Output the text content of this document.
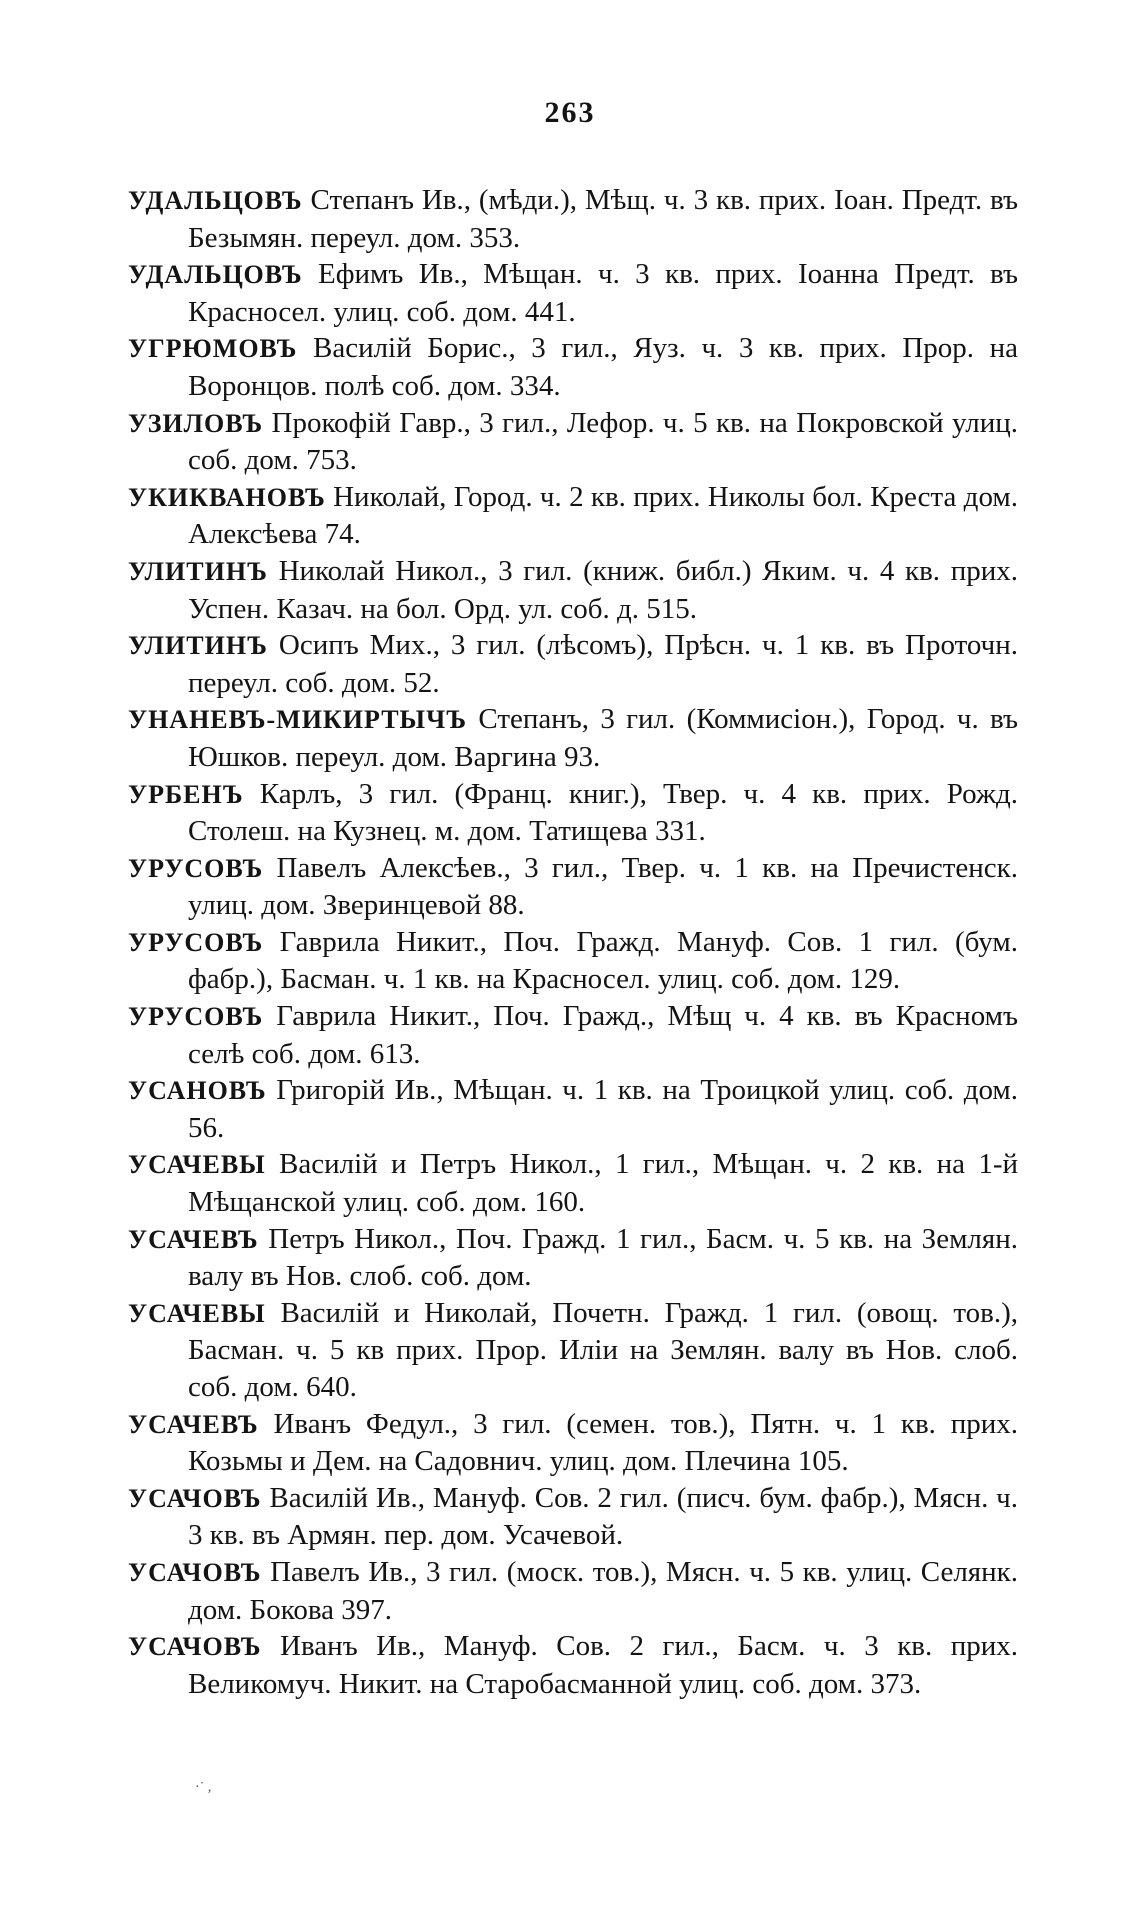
263

УДАЛЬЦОВЪ Степанъ Ив., (мѣди.), Мѣщ. ч. 3 кв. прих. Іоан. Предт. въ Безымян. переул. дом. 353.

УДАЛЬЦОВЪ Ефимъ Ив., Мѣщан. ч. 3 кв. прих. Іоанна Предт. въ Красносел. улиц. соб. дом. 441.

УГРЮМОВЪ Василій Борис., 3 гил., Яуз. ч. 3 кв. прих. Прор. на Воронцов. полѣ соб. дом. 334.

УЗИЛОВЪ Прокофій Гавр., 3 гил., Лефор. ч. 5 кв. на Покровской улиц. соб. дом. 753.

УКИКВАНОВЪ Николай, Город. ч. 2 кв. прих. Николы бол. Креста дом. Алексѣева 74.

УЛИТИНЪ Николай Никол., 3 гил. (книж. библ.) Яким. ч. 4 кв. прих. Успен. Казач. на бол. Орд. ул. соб. д. 515.

УЛИТИНЪ Осипъ Мих., 3 гил. (лѣсомъ), Прѣсн. ч. 1 кв. въ Проточн. переул. соб. дом. 52.

УНАНЕВЪ-МИКИРТЫЧЪ Степанъ, 3 гил. (Коммисіон.), Город. ч. въ Юшков. переул. дом. Варгина 93.

УРБЕНЪ Карлъ, 3 гил. (Франц. книг.), Твер. ч. 4 кв. прих. Рожд. Столеш. на Кузнец. м. дом. Татищева 331.

УРУСОВЪ Павелъ Алексѣев., 3 гил., Твер. ч. 1 кв. на Пречистенск. улиц. дом. Зверинцевой 88.

УРУСОВЪ Гаврила Никит., Поч. Гражд. Мануф. Сов. 1 гил. (бум. фабр.), Басман. ч. 1 кв. на Красносел. улиц. соб. дом. 129.

УРУСОВЪ Гаврила Никит., Поч. Гражд., Мѣщ ч. 4 кв. въ Красномъ селѣ соб. дом. 613.

УСАНОВЪ Григорій Ив., Мѣщан. ч. 1 кв. на Троицкой улиц. соб. дом. 56.

УСАЧЕВЫ Василій и Петръ Никол., 1 гил., Мѣщан. ч. 2 кв. на 1-й Мѣщанской улиц. соб. дом. 160.

УСАЧЕВЪ Петръ Никол., Поч. Гражд. 1 гил., Басм. ч. 5 кв. на Землян. валу въ Нов. слоб. соб. дом.

УСАЧЕВЫ Василій и Николай, Почетн. Гражд. 1 гил. (овощ. тов.), Басман. ч. 5 кв прих. Прор. Иліи на Землян. валу въ Нов. слоб. соб. дом. 640.

УСАЧЕВЪ Иванъ Федул., 3 гил. (семен. тов.), Пятн. ч. 1 кв. прих. Козьмы и Дем. на Садовнич. улиц. дом. Плечина 105.

УСАЧОВЪ Василій Ив., Мануф. Сов. 2 гил. (писч. бум. фабр.), Мясн. ч. 3 кв. въ Армян. пер. дом. Усачевой.

УСАЧОВЪ Павелъ Ив., 3 гил. (моск. тов.), Мясн. ч. 5 кв. улиц. Селянк. дом. Бокова 397.

УСАЧОВЪ Иванъ Ив., Мануф. Сов. 2 гил., Басм. ч. 3 кв. прих. Великомуч. Никит. на Старобасманной улиц. соб. дом. 373.

·˙ ,
